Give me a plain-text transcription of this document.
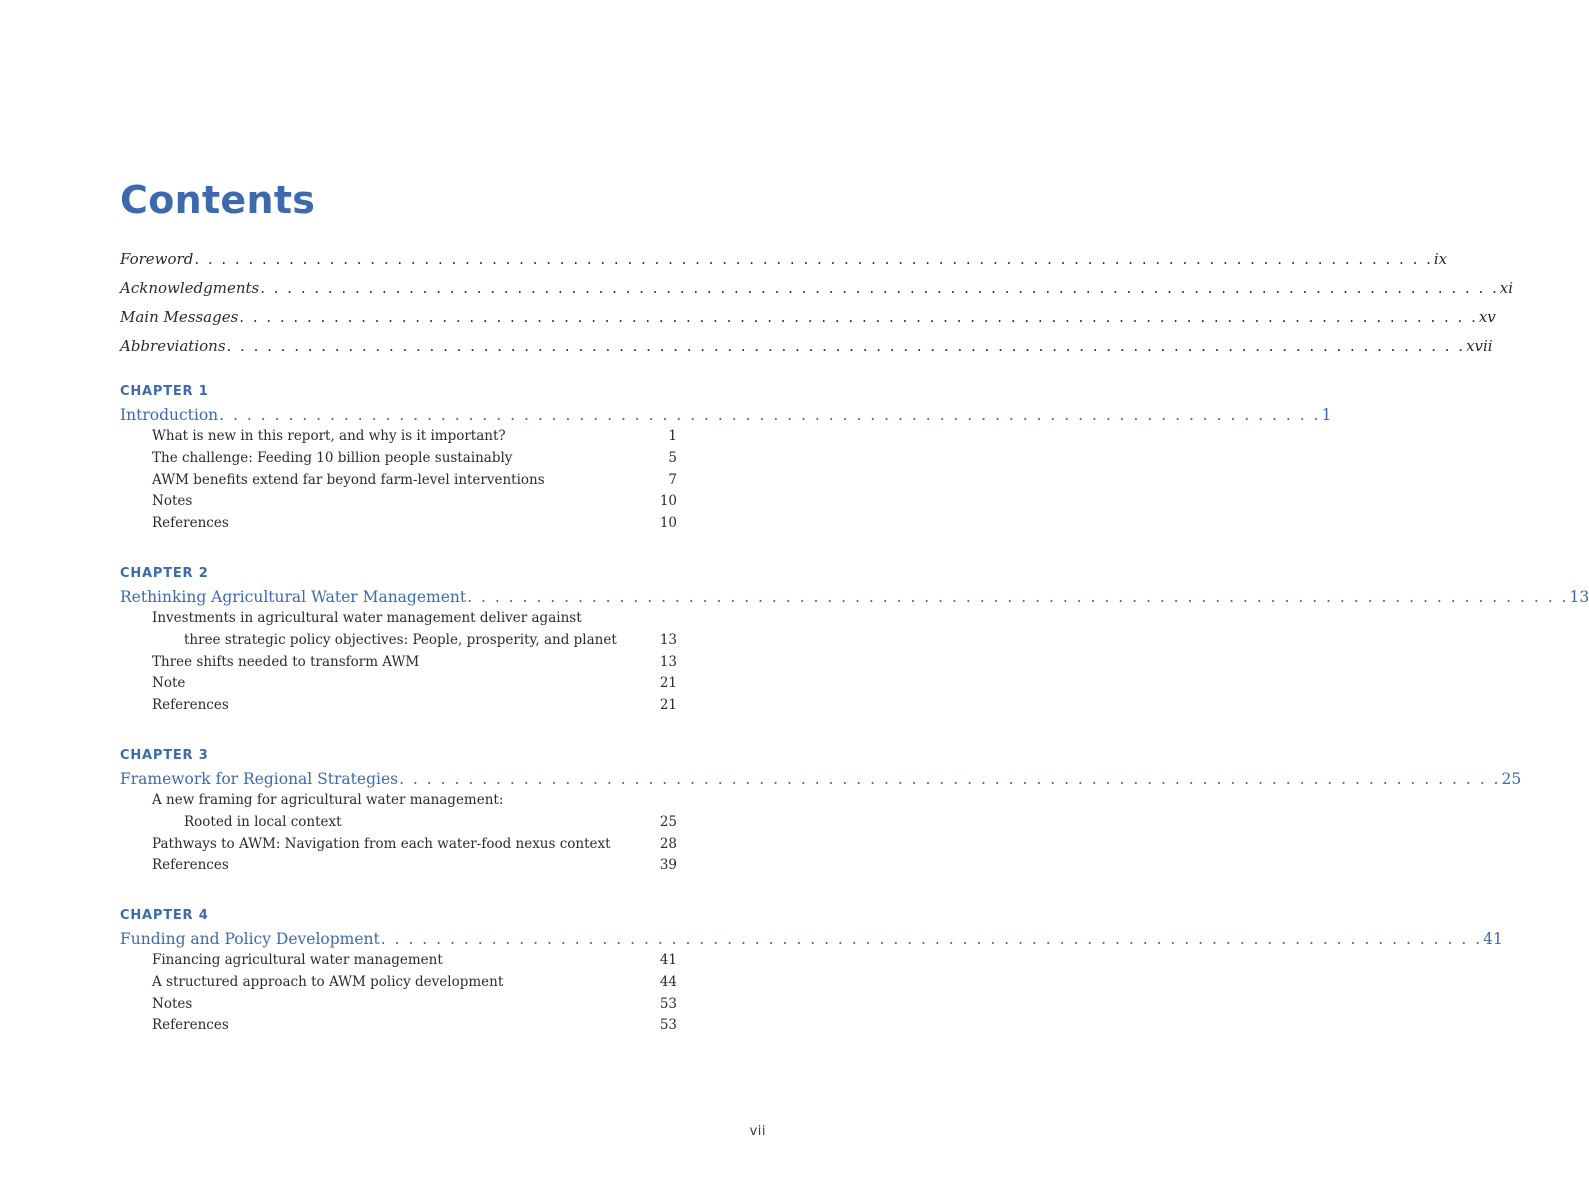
Contents
Foreword . . . . . . . . . . . . . . . . . . . . . . . . . . . . . . . . . . . . . . . . . . . . . . . . . . . . . . . . . . . . . . . . . . . . . . . . . . . . . . . . . . . . . . . . . . . . ix
Acknowledgments . . . . . . . . . . . . . . . . . . . . . . . . . . . . . . . . . . . . . . . . . . . . . . . . . . . . . . . . . . . . . . . . . . . . . . . . . . . . . . . . . . . . . . . . . . . . xi
Main Messages . . . . . . . . . . . . . . . . . . . . . . . . . . . . . . . . . . . . . . . . . . . . . . . . . . . . . . . . . . . . . . . . . . . . . . . . . . . . . . . . . . . . . . . . . . . . xv
Abbreviations . . . . . . . . . . . . . . . . . . . . . . . . . . . . . . . . . . . . . . . . . . . . . . . . . . . . . . . . . . . . . . . . . . . . . . . . . . . . . . . . . . . . . . . . . . . . xvii
CHAPTER 1
Introduction . . . . . . . . . . . . . . . . . . . . . . . . . . . . . . . . . . . . . . . . . . . . . . . . . . . . . . . . . . . . . . . . . . . . . . . . . . . . . . . . 1
What is new in this report, and why is it important?	1
The challenge: Feeding 10 billion people sustainably	5
AWM benefits extend far beyond farm-level interventions	7
Notes	10
References	10
CHAPTER 2
Rethinking Agricultural Water Management . . . . . . . . . . . . . . . . . . . . . . . . . . . . . . . . . . . . . . . . . . . . . . . . . . . . . . . . . . . . . . . . . . . . . . . . . . . . . . . . 13
Investments in agricultural water management deliver against
three strategic policy objectives: People, prosperity, and planet	13
Three shifts needed to transform AWM	13
Note	21
References	21
CHAPTER 3
Framework for Regional Strategies . . . . . . . . . . . . . . . . . . . . . . . . . . . . . . . . . . . . . . . . . . . . . . . . . . . . . . . . . . . . . . . . . . . . . . . . . . . . . . . . 25
A new framing for agricultural water management:
Rooted in local context	25
Pathways to AWM: Navigation from each water-food nexus context	28
References	39
CHAPTER 4
Funding and Policy Development . . . . . . . . . . . . . . . . . . . . . . . . . . . . . . . . . . . . . . . . . . . . . . . . . . . . . . . . . . . . . . . . . . . . . . . . . . . . . . . . 41
Financing agricultural water management	41
A structured approach to AWM policy development	44
Notes	53
References	53
vii
